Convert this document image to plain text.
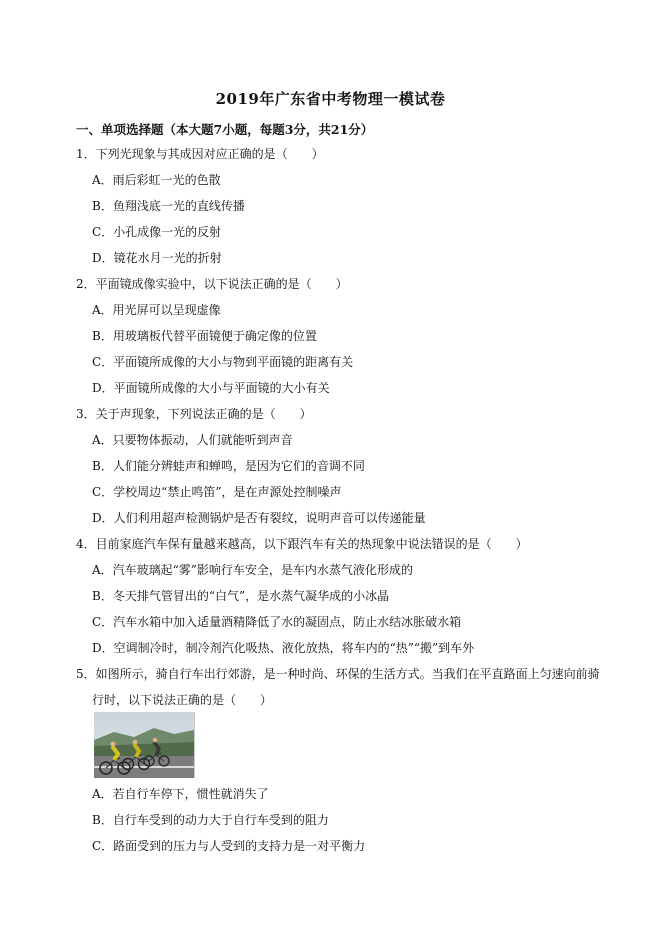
2019年广东省中考物理一模试卷
一、单项选择题（本大题7小题，每题3分，共21分）
1．下列光现象与其成因对应正确的是（　　）
A．雨后彩虹一光的色散
B．鱼翔浅底一光的直线传播
C．小孔成像一光的反射
D．镜花水月一光的折射
2．平面镜成像实验中，以下说法正确的是（　　）
A．用光屏可以呈现虚像
B．用玻璃板代替平面镜便于确定像的位置
C．平面镜所成像的大小与物到平面镜的距离有关
D．平面镜所成像的大小与平面镜的大小有关
3．关于声现象，下列说法正确的是（　　）
A．只要物体振动，人们就能听到声音
B．人们能分辨蛙声和蝉鸣，是因为它们的音调不同
C．学校周边“禁止鸣笛”，是在声源处控制噪声
D．人们利用超声检测锅炉是否有裂纹，说明声音可以传递能量
4．目前家庭汽车保有量越来越高，以下跟汽车有关的热现象中说法错误的是（　　）
A．汽车玻璃起“雾”影响行车安全，是车内水蒸气液化形成的
B．冬天排气管冒出的“白气”，是水蒸气凝华成的小冰晶
C．汽车水箱中加入适量酒精降低了水的凝固点，防止水结冰胀破水箱
D．空调制冷时，制冷剂汽化吸热、液化放热，将车内的“热”“搬”到车外
5．如图所示，骑自行车出行郊游，是一种时尚、环保的生活方式。当我们在平直路面上匀速向前骑
行时，以下说法正确的是（　　）
A．若自行车停下，惯性就消失了
B．自行车受到的动力大于自行车受到的阻力
C．路面受到的压力与人受到的支持力是一对平衡力
